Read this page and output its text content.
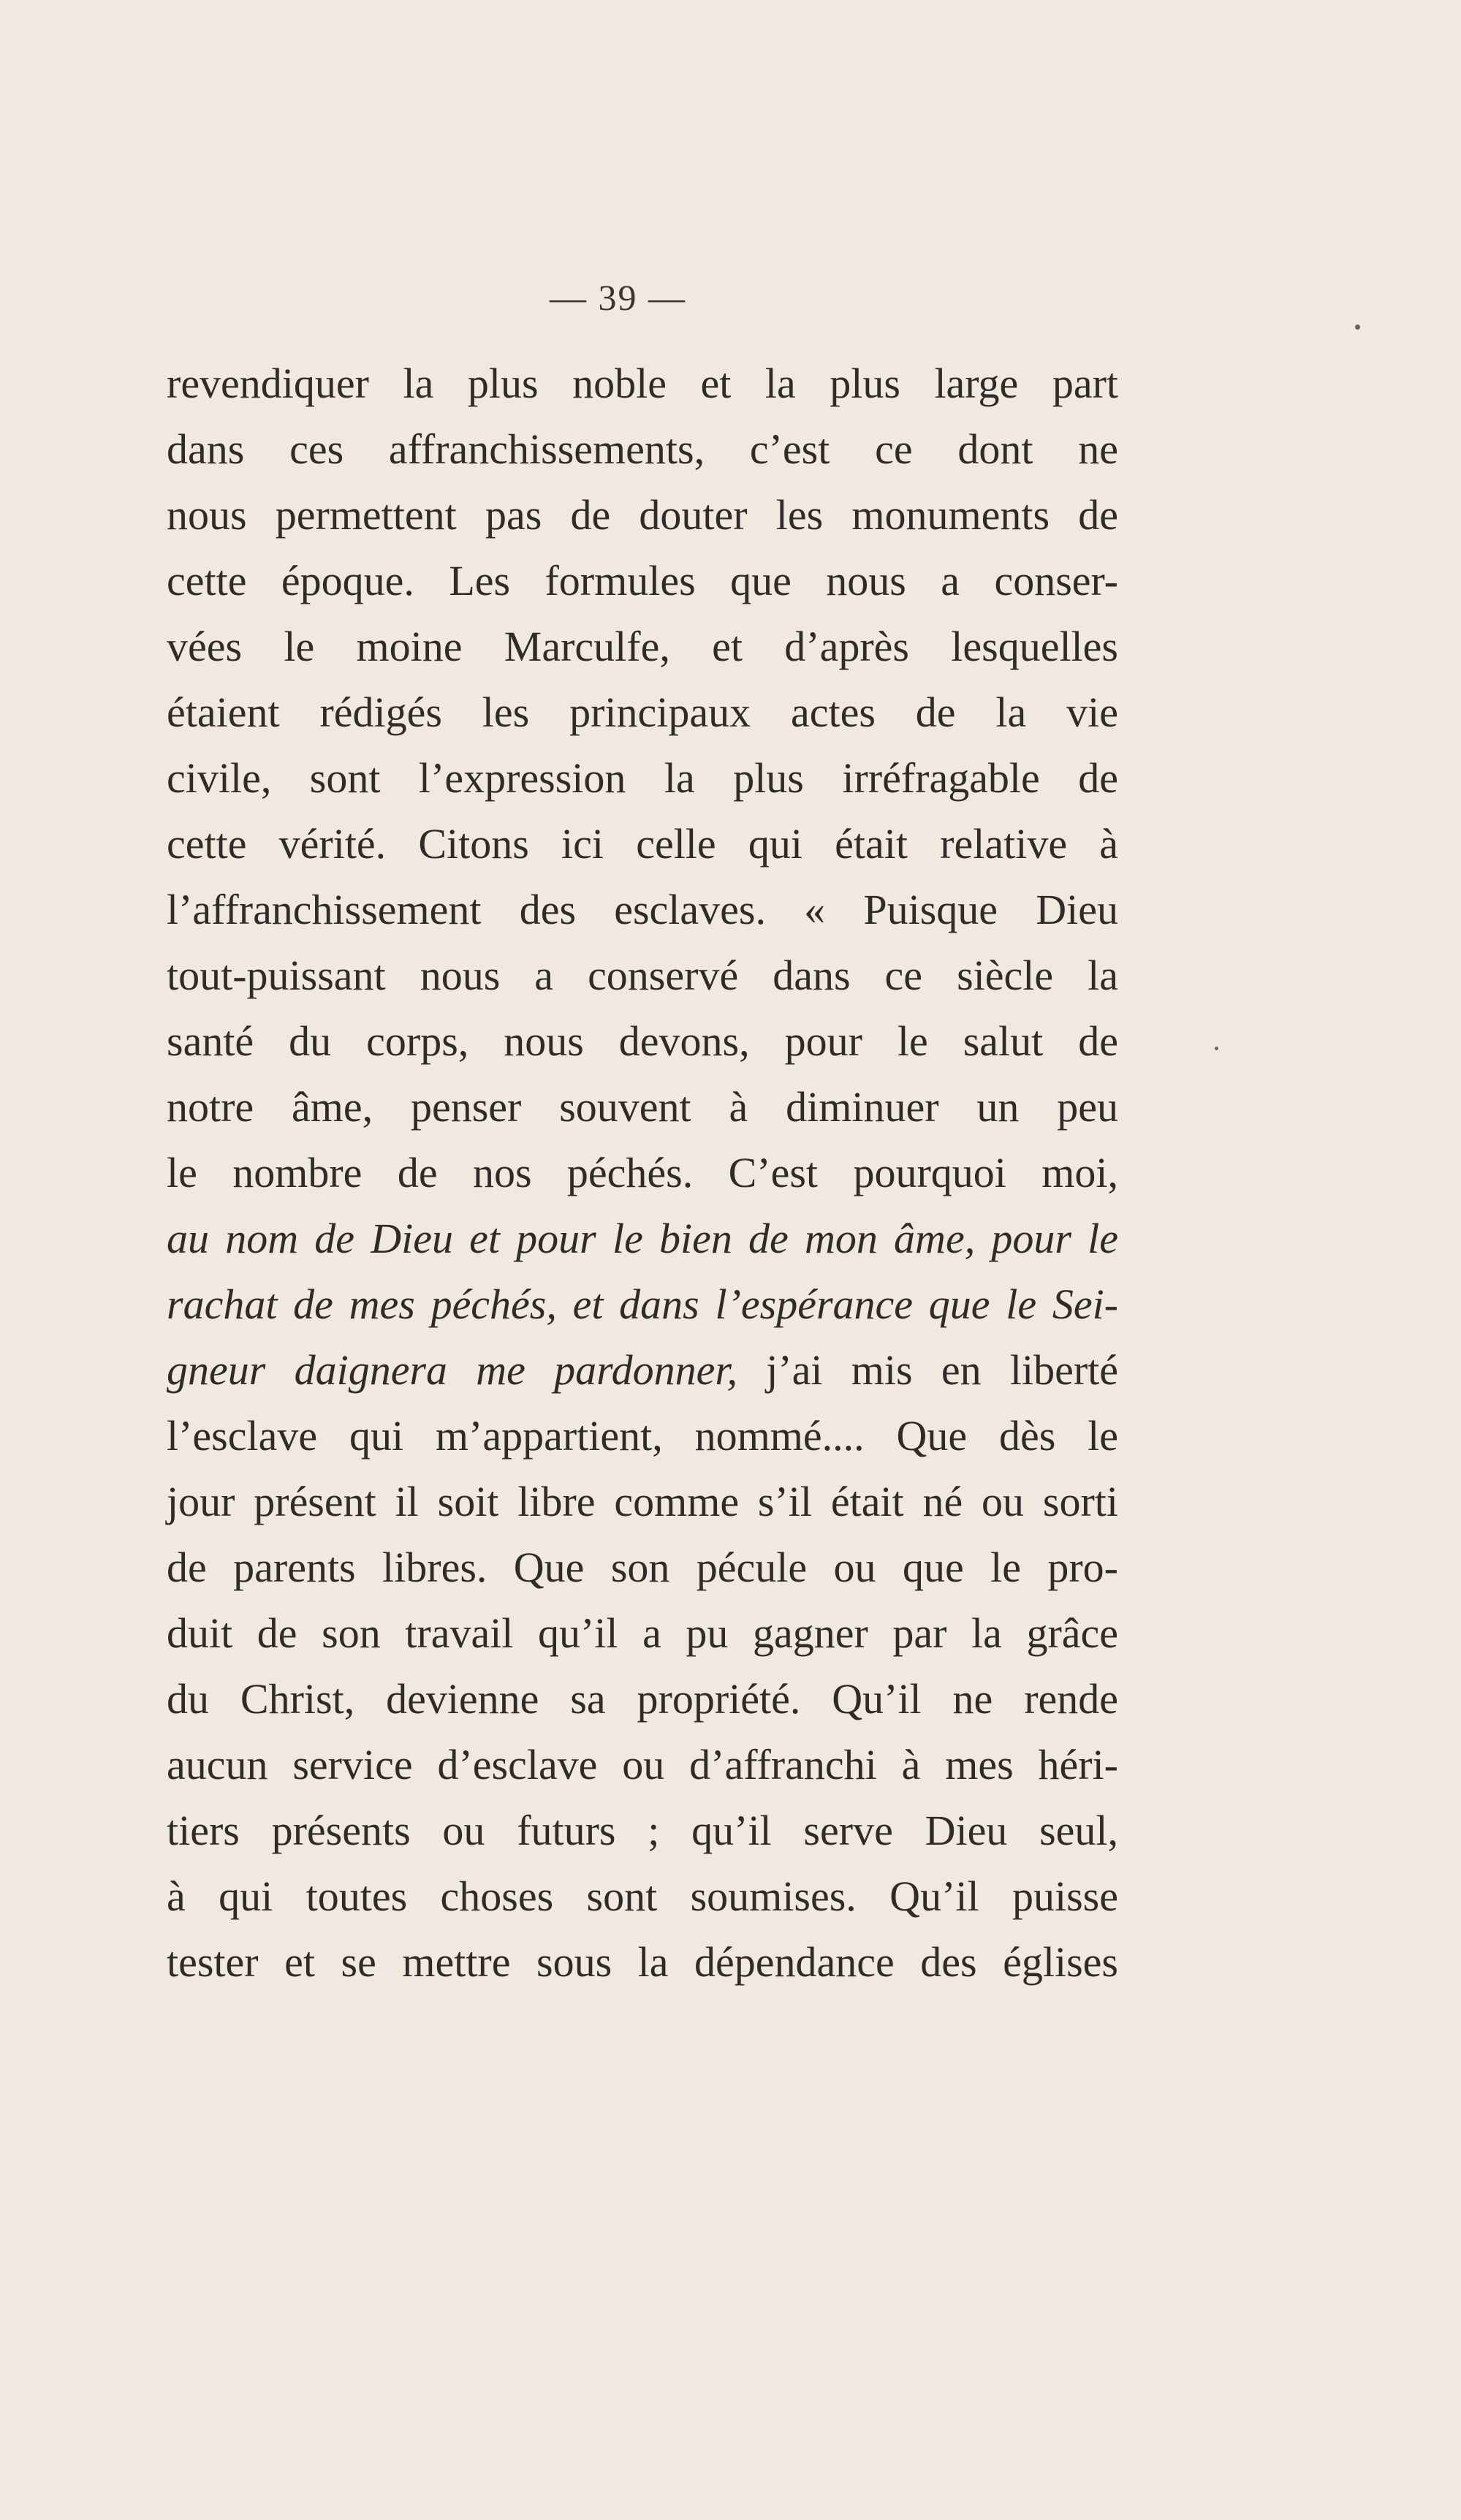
— 39 —
revendiquer la plus noble et la plus large part
dans ces affranchissements, c’est ce dont ne
nous permettent pas de douter les monuments de
cette époque. Les formules que nous a conser-
vées le moine Marculfe, et d’après lesquelles
étaient rédigés les principaux actes de la vie
civile, sont l’expression la plus irréfragable de
cette vérité. Citons ici celle qui était relative à
l’affranchissement des esclaves. « Puisque Dieu
tout-puissant nous a conservé dans ce siècle la
santé du corps, nous devons, pour le salut de
notre âme, penser souvent à diminuer un peu
le nombre de nos péchés. C’est pourquoi moi,
au nom de Dieu et pour le bien de mon âme, pour le
rachat de mes péchés, et dans l’espérance que le Sei-
gneur daignera me pardonner, j’ai mis en liberté
l’esclave qui m’appartient, nommé.... Que dès le
jour présent il soit libre comme s’il était né ou sorti
de parents libres. Que son pécule ou que le pro-
duit de son travail qu’il a pu gagner par la grâce
du Christ, devienne sa propriété. Qu’il ne rende
aucun service d’esclave ou d’affranchi à mes héri-
tiers présents ou futurs ; qu’il serve Dieu seul,
à qui toutes choses sont soumises. Qu’il puisse
tester et se mettre sous la dépendance des églises
